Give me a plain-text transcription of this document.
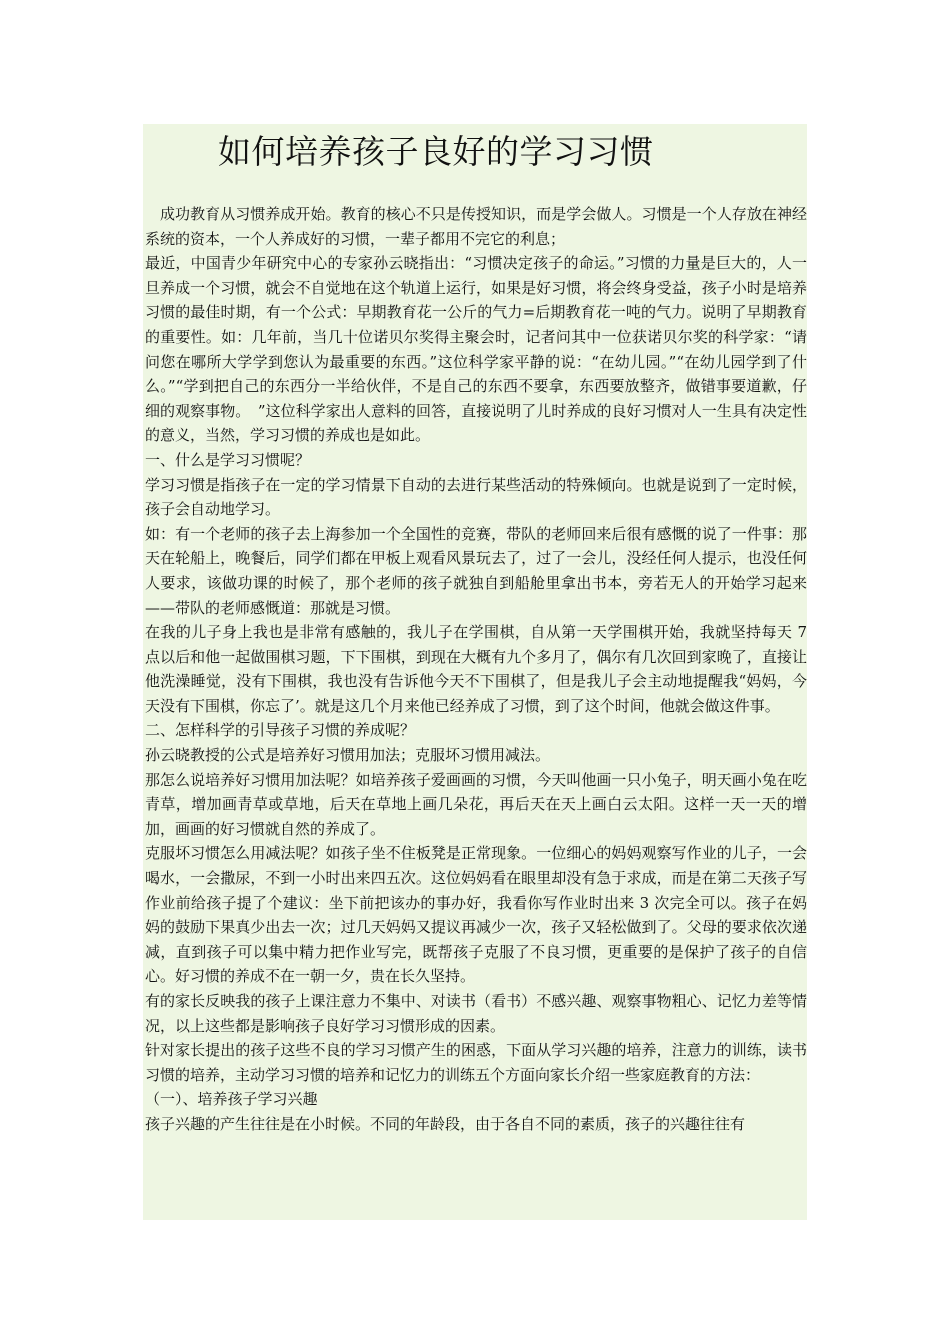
如何培养孩子良好的学习习惯

成功教育从习惯养成开始。教育的核心不只是传授知识，而是学会做人。习惯是一个人存放在神经系统的资本，一个人养成好的习惯，一辈子都用不完它的利息；

最近，中国青少年研究中心的专家孙云晓指出：“习惯决定孩子的命运。”习惯的力量是巨大的，人一旦养成一个习惯，就会不自觉地在这个轨道上运行，如果是好习惯，将会终身受益，孩子小时是培养习惯的最佳时期，有一个公式：早期教育花一公斤的气力=后期教育花一吨的气力。说明了早期教育的重要性。如：几年前，当几十位诺贝尔奖得主聚会时，记者问其中一位获诺贝尔奖的科学家：“请问您在哪所大学学到您认为最重要的东西。”这位科学家平静的说：“在幼儿园。”“在幼儿园学到了什么。”“学到把自己的东西分一半给伙伴，不是自己的东西不要拿，东西要放整齐，做错事要道歉，仔细的观察事物。　”这位科学家出人意料的回答，直接说明了儿时养成的良好习惯对人一生具有决定性的意义，当然，学习习惯的养成也是如此。

一、什么是学习习惯呢？

学习习惯是指孩子在一定的学习情景下自动的去进行某些活动的特殊倾向。也就是说到了一定时候，孩子会自动地学习。

如：有一个老师的孩子去上海参加一个全国性的竞赛，带队的老师回来后很有感慨的说了一件事：那天在轮船上，晚餐后，同学们都在甲板上观看风景玩去了，过了一会儿，没经任何人提示，也没任何人要求，该做功课的时候了，那个老师的孩子就独自到船舱里拿出书本，旁若无人的开始学习起来——带队的老师感慨道：那就是习惯。

在我的儿子身上我也是非常有感触的，我儿子在学围棋，自从第一天学围棋开始，我就坚持每天 7 点以后和他一起做围棋习题，下下围棋，到现在大概有九个多月了，偶尔有几次回到家晚了，直接让他洗澡睡觉，没有下围棋，我也没有告诉他今天不下围棋了，但是我儿子会主动地提醒我“妈妈，今天没有下围棋，你忘了’。就是这几个月来他已经养成了习惯，到了这个时间，他就会做这件事。

二、怎样科学的引导孩子习惯的养成呢？

孙云晓教授的公式是培养好习惯用加法；克服坏习惯用减法。

那怎么说培养好习惯用加法呢？如培养孩子爱画画的习惯，今天叫他画一只小兔子，明天画小兔在吃青草，增加画青草或草地，后天在草地上画几朵花，再后天在天上画白云太阳。这样一天一天的增加，画画的好习惯就自然的养成了。

克服坏习惯怎么用减法呢？如孩子坐不住板凳是正常现象。一位细心的妈妈观察写作业的儿子，一会喝水，一会撒尿，不到一小时出来四五次。这位妈妈看在眼里却没有急于求成，而是在第二天孩子写作业前给孩子提了个建议：坐下前把该办的事办好，我看你写作业时出来 3 次完全可以。孩子在妈妈的鼓励下果真少出去一次；过几天妈妈又提议再减少一次，孩子又轻松做到了。父母的要求依次递减，直到孩子可以集中精力把作业写完，既帮孩子克服了不良习惯，更重要的是保护了孩子的自信心。好习惯的养成不在一朝一夕，贵在长久坚持。

有的家长反映我的孩子上课注意力不集中、对读书（看书）不感兴趣、观察事物粗心、记忆力差等情况，以上这些都是影响孩子良好学习习惯形成的因素。

针对家长提出的孩子这些不良的学习习惯产生的困惑，下面从学习兴趣的培养，注意力的训练，读书习惯的培养，主动学习习惯的培养和记忆力的训练五个方面向家长介绍一些家庭教育的方法：

（一）、培养孩子学习兴趣

孩子兴趣的产生往往是在小时候。不同的年龄段，由于各自不同的素质，孩子的兴趣往往有
